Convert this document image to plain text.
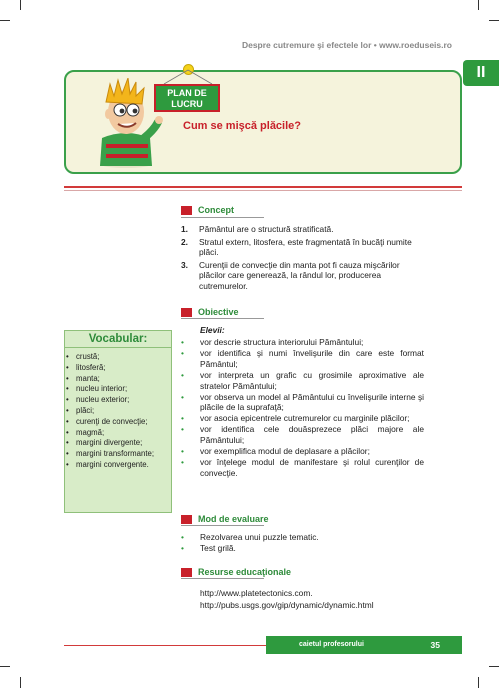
Despre cutremure şi efectele lor • www.roeduseis.ro
II
PLAN DE LUCRU
Cum se mişcă plăcile?
Concept
1.	Pământul are o structură stratificată.
2.	Stratul extern, litosfera, este fragmentată în bucăţi numite plăci.
3.	Curenţii de convecţie din manta pot fi cauza mişcărilor plăcilor care generează, la rândul lor, producerea cutremurelor.
Obiective
Elevii:
• vor descrie structura interiorului Pământului;
• vor identifica şi numi învelişurile din care este format Pământul;
• vor interpreta un grafic cu grosimile aproximative ale stratelor Pământului;
• vor observa un model al Pământului cu învelişurile interne şi plăcile de la suprafaţă;
• vor asocia epicentrele cutremurelor cu marginile plăcilor;
• vor identifica cele douăsprezece plăci majore ale Pământului;
• vor exemplifica modul de deplasare a plăcilor;
• vor înţelege modul de manifestare şi rolul curenţilor de convecţie.
Vocabular:
• crustă;
• litosferă;
• manta;
• nucleu interior;
• nucleu exterior;
• plăci;
• curenţi de convecţie;
• magmă;
• margini divergente;
• margini transformante;
• margini convergente.
Mod de evaluare
• Rezolvarea unui puzzle tematic.
• Test grilă.
Resurse educaţionale
http://www.platetectonics.com.
http://pubs.usgs.gov/gip/dynamic/dynamic.html
caietul profesorului	35
